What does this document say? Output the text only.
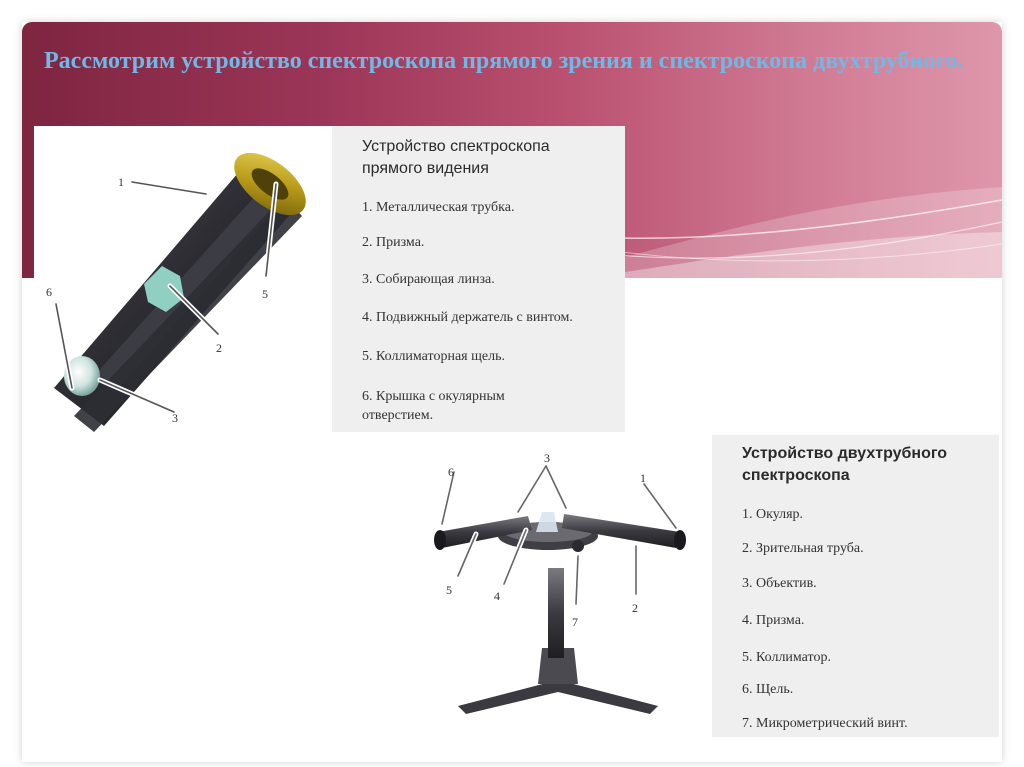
Рассмотрим устройство спектроскопа прямого зрения и спектроскопа двухтрубного.
1
2
3
5
6
Устройство спектроскопа прямого видения

1. Металлическая трубка.

2. Призма.

3. Собирающая линза.

4. Подвижный держатель с винтом.

5. Коллиматорная щель.

6. Крышка с окулярным отверстием.

6
3
1
5	4
7
2
Устройство двухтрубного спектроскопа

1. Окуляр.

2. Зрительная труба.

3. Объектив.

4. Призма.

5. Коллиматор.

6. Щель.

7. Микрометрический винт.
